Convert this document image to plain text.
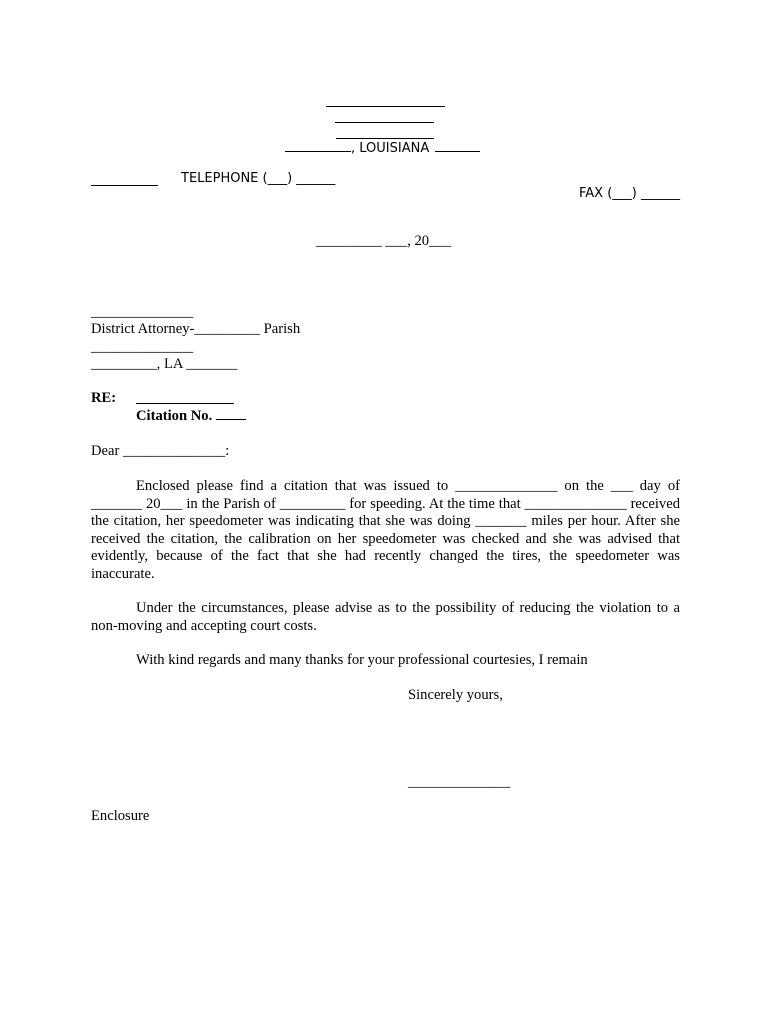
, LOUISIANA
TELEPHONE (___) ______
FAX (___) ______
_________ ___, 20___
______________
District Attorney-_________ Parish
______________
_________, LA _______
RE:
Citation No.
Dear ______________:
Enclosed please find a citation that was issued to ______________ on the ___ day of _______ 20___ in the Parish of _________ for speeding. At the time that ______________ received the citation, her speedometer was indicating that she was doing _______ miles per hour. After she received the citation, the calibration on her speedometer was checked and she was advised that evidently, because of the fact that she had recently changed the tires, the speedometer was inaccurate.
Under the circumstances, please advise as to the possibility of reducing the violation to a non-moving and accepting court costs.
With kind regards and many thanks for your professional courtesies, I remain
Sincerely yours,
______________
Enclosure
